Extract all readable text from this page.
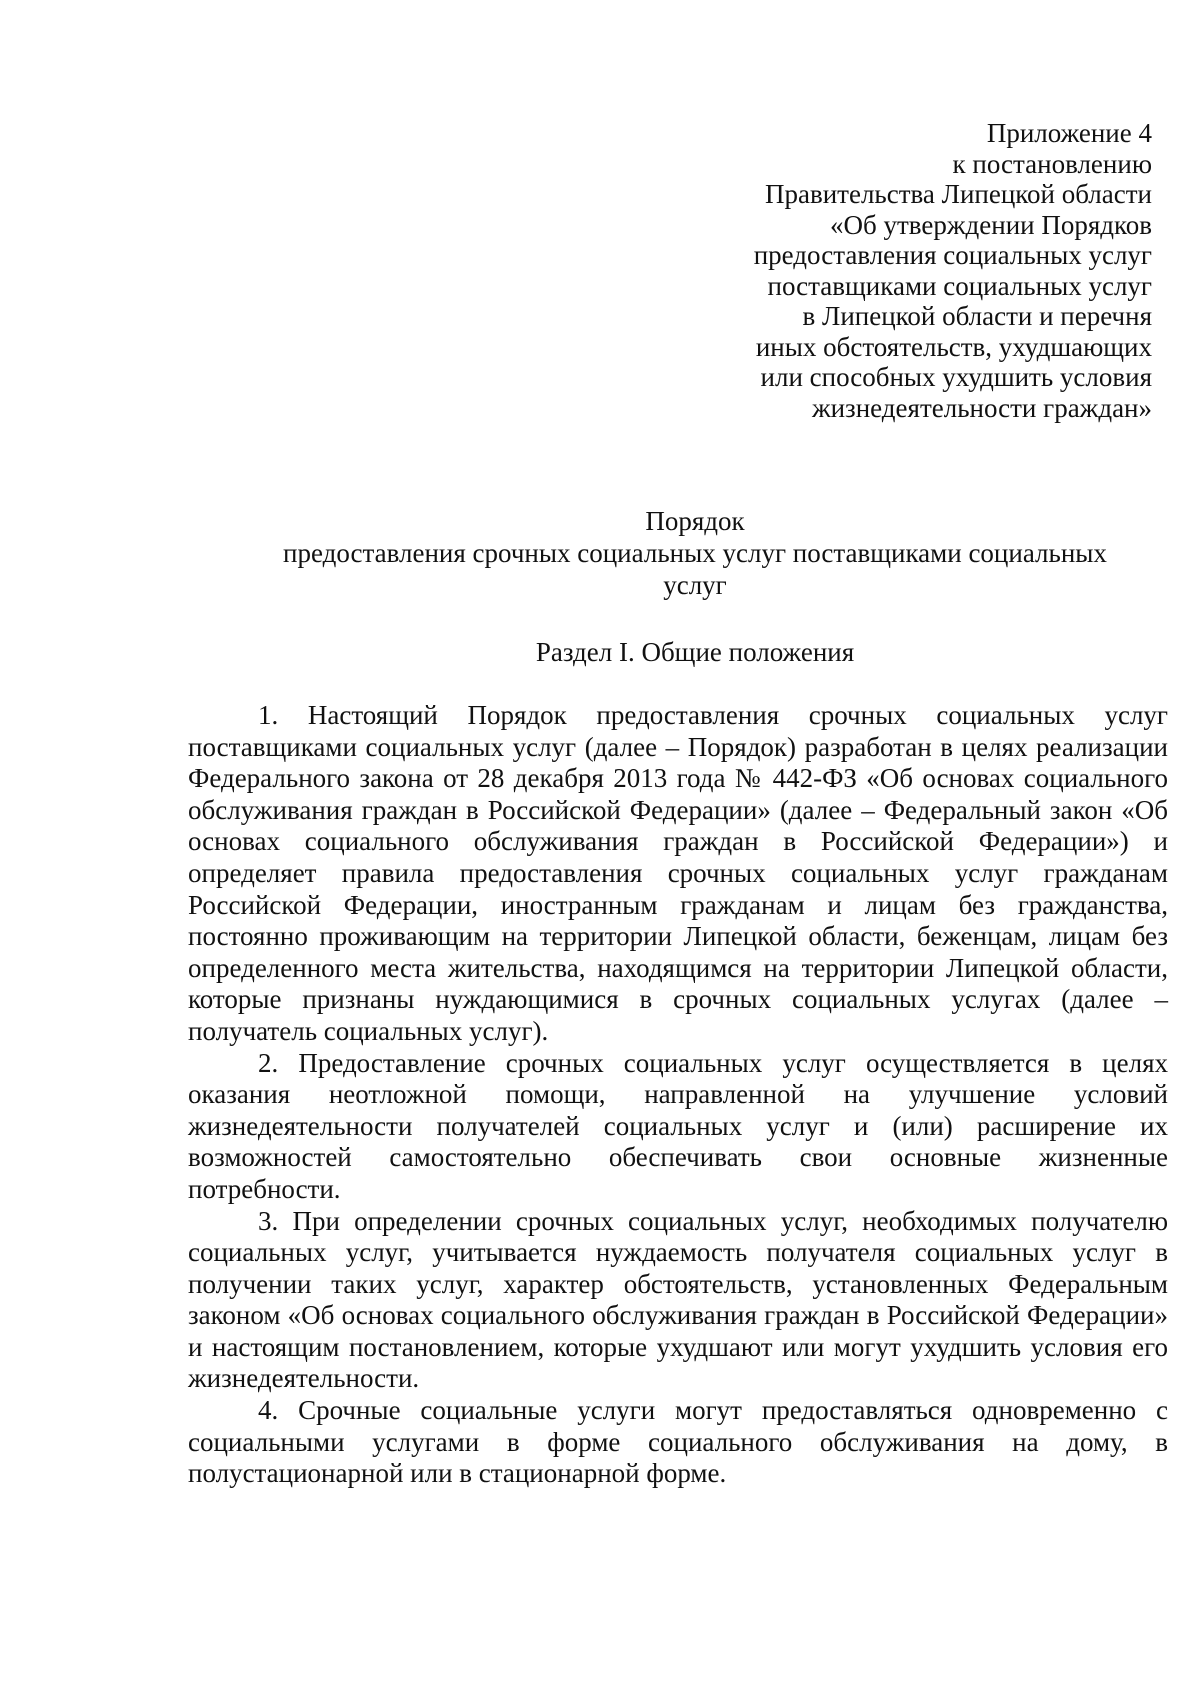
Приложение 4
к постановлению
Правительства Липецкой области
«Об утверждении Порядков
предоставления социальных услуг
поставщиками социальных услуг
в Липецкой области и перечня
иных обстоятельств, ухудшающих
или способных ухудшить условия
жизнедеятельности граждан»
Порядок
предоставления срочных социальных услуг поставщиками социальных услуг
Раздел I. Общие положения

1. Настоящий Порядок предоставления срочных социальных услуг поставщиками социальных услуг (далее – Порядок) разработан в целях реализации Федерального закона от 28 декабря 2013 года № 442-ФЗ «Об основах социального обслуживания граждан в Российской Федерации» (далее – Федеральный закон «Об основах социального обслуживания граждан в Российской Федерации») и определяет правила предоставления срочных социальных услуг гражданам Российской Федерации, иностранным гражданам и лицам без гражданства, постоянно проживающим на территории Липецкой области, беженцам, лицам без определенного места жительства, находящимся на территории Липецкой области, которые признаны нуждающимися в срочных социальных услугах (далее – получатель социальных услуг).

2. Предоставление срочных социальных услуг осуществляется в целях оказания неотложной помощи, направленной на улучшение условий жизнедеятельности получателей социальных услуг и (или) расширение их возможностей самостоятельно обеспечивать свои основные жизненные потребности.

3. При определении срочных социальных услуг, необходимых получателю социальных услуг, учитывается нуждаемость получателя социальных услуг в получении таких услуг, характер обстоятельств, установленных Федеральным законом «Об основах социального обслуживания граждан в Российской Федерации» и настоящим постановлением, которые ухудшают или могут ухудшить условия его жизнедеятельности.

4. Срочные социальные услуги могут предоставляться одновременно с социальными услугами в форме социального обслуживания на дому, в полустационарной или в стационарной форме.
